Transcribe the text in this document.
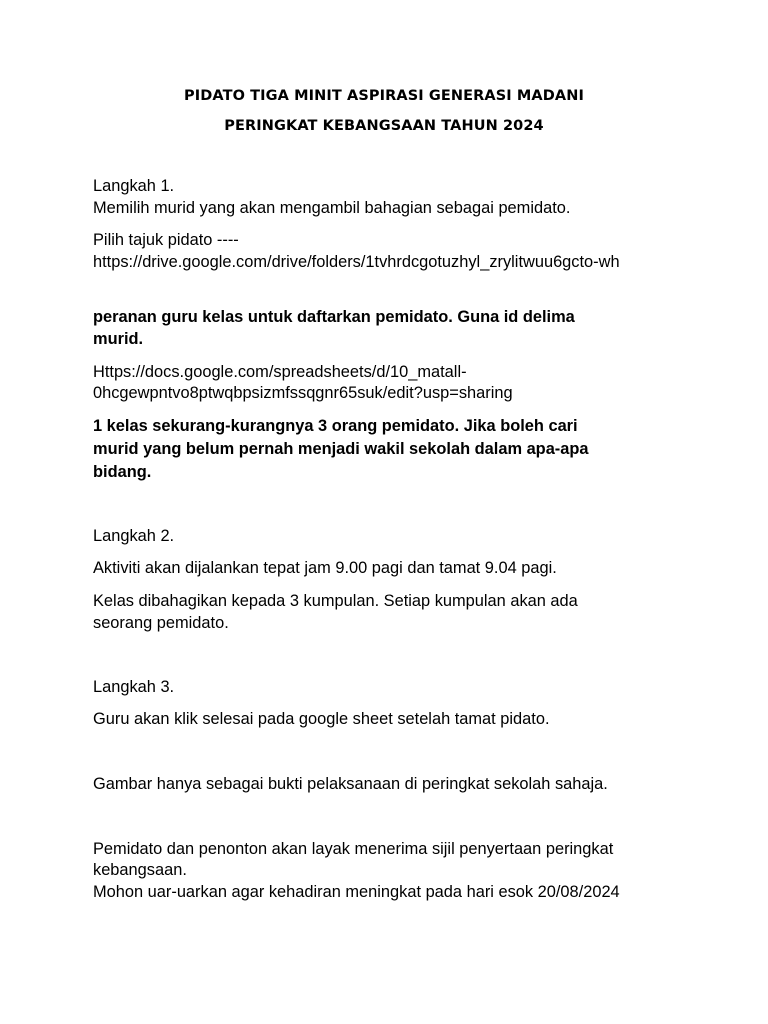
PIDATO TIGA MINIT ASPIRASI GENERASI MADANI
PERINGKAT KEBANGSAAN TAHUN 2024
Langkah 1.
Memilih murid yang akan mengambil bahagian sebagai pemidato.
Pilih tajuk pidato ----
https://drive.google.com/drive/folders/1tvhrdcgotuzhyl_zrylitwuu6gcto-wh
peranan guru kelas untuk daftarkan pemidato. Guna id delima
murid.
Https://docs.google.com/spreadsheets/d/10_matall-
0hcgewpntvo8ptwqbpsizmfssqgnr65suk/edit?usp=sharing
1 kelas sekurang-kurangnya 3 orang pemidato. Jika boleh cari
murid yang belum pernah menjadi wakil sekolah dalam apa-apa
bidang.
Langkah 2.
Aktiviti akan dijalankan tepat jam 9.00 pagi dan tamat 9.04 pagi.
Kelas dibahagikan kepada 3 kumpulan. Setiap kumpulan akan ada
seorang pemidato.
Langkah 3.
Guru akan klik selesai pada google sheet setelah tamat pidato.
Gambar hanya sebagai bukti pelaksanaan di peringkat sekolah sahaja.
Pemidato dan penonton akan layak menerima sijil penyertaan peringkat
kebangsaan.
Mohon uar-uarkan agar kehadiran meningkat pada hari esok 20/08/2024
